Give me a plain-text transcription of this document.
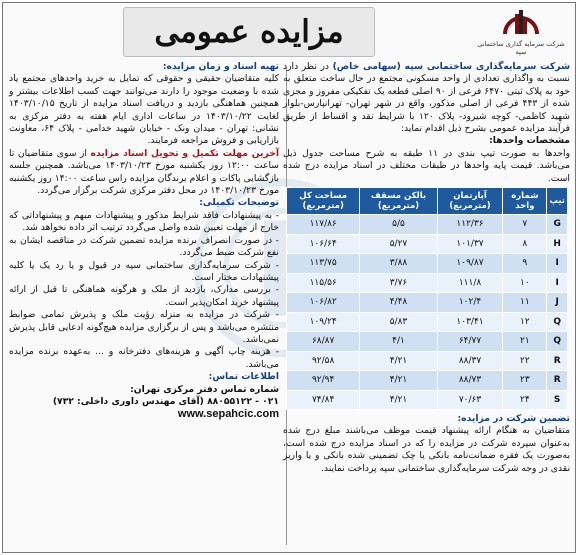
مزایده عمومی	شرکت سرمایه گذاری ساختمانی سپه

شرکت سرمایه‌گذاری ساختمانی سپه (سهامی خاص) در نظر دارد نسبت به واگذاری تعدادی از واحد مسکونی مجتمع در حال ساخت متعلق به خود به پلاک ثبتی ۶۴۷۰ فرعی از ۹۰ اصلی قطعه یک تفکیکی مفروز و مجزی شده از ۴۴۳ فرعی از اصلی مذکور، واقع در شهر تهران- تهرانپارس-بلوار شهید کاظمی- کوچه شیرود- پلاک ۱۲۰ با شرایط نقد و اقساط از طریق فرآیند مزایده عمومی بشرح ذیل اقدام نماید:

مشخصات واحدها:

واحدها به صورت تیپ بندی در ۱۱ طبقه به شرح مساحت جدول ذیل می‌باشد. قیمت پایه واحدها در طبقات مختلف در اسناد مزایده درج شده است.

تیپ	شماره واحد	آپارتمان (مترمربع)	بالکن مسقف (مترمربع)	مساحت کل (مترمربع)
G	۷	۱۱۲/۳۶	۵/۵	۱۱۷/۸۶
H	۸	۱۰۱/۳۷	۵/۲۷	۱۰۶/۶۴
I	۹	۱۰۹/۸۷	۳/۸۸	۱۱۳/۷۵
I	۱۰	۱۱۱/۸	۳/۷۶	۱۱۵/۵۶
J	۱۱	۱۰۲/۴	۴/۴۸	۱۰۶/۸۲
Q	۱۲	۱۰۳/۴۱	۵/۸۳	۱۰۹/۲۴
Q	۲۱	۶۴/۷۷	۴/۱	۶۸/۸۷
R	۲۲	۸۸/۳۷	۴/۲۱	۹۲/۵۸
R	۲۳	۸۸/۷۳	۴/۲۱	۹۲/۹۴
S	۲۴	۷۰/۶۳	۴/۲۱	۷۴/۸۴

تضمین شرکت در مزایده:

متقاضیان به هنگام ارائه پیشنهاد قیمت موظف می‌باشند مبلغ درج شده به‌عنوان سپرده شرکت در مزایده را که در اسناد مزایده درج شده است، به‌صورت یک فقره ضمانت‌نامه بانکی یا چک تضمینی شده بانکی و یا واریز نقدی در وجه شرکت سرمایه‌گذاری ساختمانی سپه پرداخت نمایند.

تهیه اسناد و زمان مزایده:

کلیه متقاضیان حقیقی و حقوقی که تمایل به خرید واحدهای مجتمع یاد شده با وضعیت موجود را دارند می‌توانند جهت کسب اطلاعات بیشتر و همچنین هماهنگی بازدید و دریافت اسناد مزایده از تاریخ ۱۴۰۳/۱۰/۱۵ لغایت ۱۴۰۳/۱۰/۲۲ در ساعات اداری ایام هفته به دفتر مرکزی به نشانی: تهران - میدان ونک - خیابان شهید خدامی - پلاک ۶۴، معاونت بازاریابی و فروش مراجعه فرمایند.

آخرین مهلت تکمیل و تحویل اسناد مزایده از سوی متقاضیان تا ساعت ۱۲:۰۰ روز یکشنبه مورخ ۱۴۰۳/۱۰/۲۳ می‌باشد. همچنین جلسه بازگشایی پاکات و اعلام برندگان مزایده راس ساعت ۱۴:۰۰ روز یکشنبه مورخ ۱۴۰۳/۱۰/۲۳ در محل دفتر مرکزی شرکت برگزار می‌گردد.

توضیحات تکمیلی:

- به پیشنهادات فاقد شرایط مذکور و پیشنهادات مبهم و پیشنهاداتی که خارج از مهلت تعیین شده واصل می‌گردد ترتیب اثر داده نخواهد شد.

- در صورت انصراف برنده مزایده تضمین شرکت در مناقصه ایشان به نفع شرکت ضبط می‌گردد.

- شرکت سرمایه‌گذاری ساختمانی سپه در قبول و یا رد یک یا کلیه پیشنهادات مختار است.

- بررسی مدارک، بازدید از ملک و هرگونه هماهنگی تا قبل از ارائه پیشنهاد خرید امکان‌پذیر است.

- شرکت در مزایده به منزله رؤیت ملک و پذیرش تمامی ضوابط منتشره می‌باشد و پس از برگزاری مزایده هیچ‌گونه ادعایی قابل پذیرش نمی‌باشد.

- هزینه چاپ آگهی و هزینه‌های دفترخانه و ... به‌عهده برنده مزایده می‌باشد.

اطلاعات تماس:

شماره تماس دفتر مرکزی تهران:

۰۲۱ - ۸۸۰۵۵۱۲۲ (آقای مهندس داوری داخلی: ۷۳۲)

www.sepahcic.com
